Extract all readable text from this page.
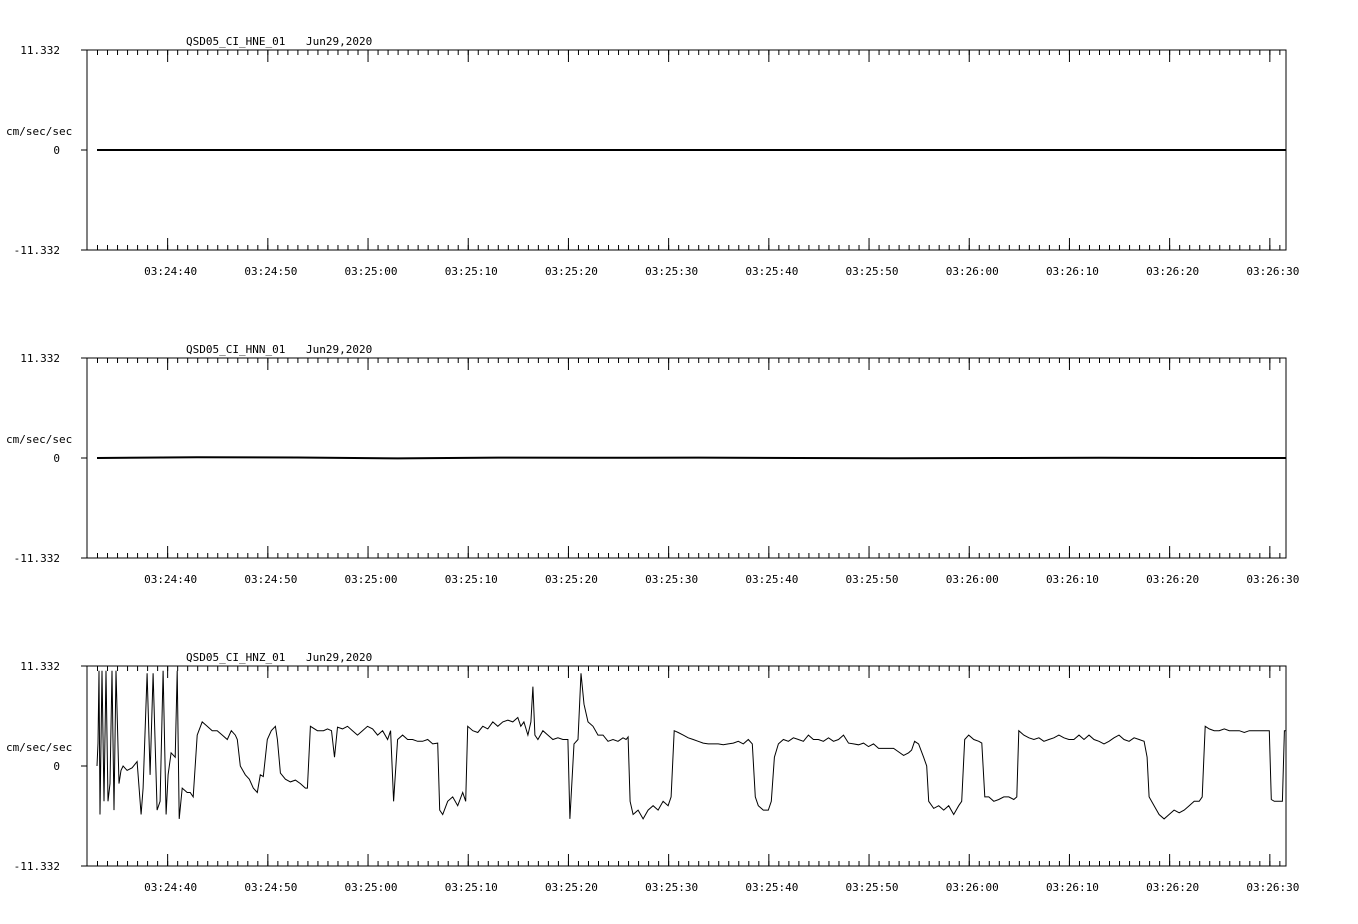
QSD05_CI_HNE_01 Jun29,2020
11.332
0
-11.332
cm/sec/sec
03:24:40	03:24:50	03:25:00	03:25:10	03:25:20	03:25:30	03:25:40	03:25:50	03:26:00	03:26:10	03:26:20	03:26:30
QSD05_CI_HNN_01 Jun29,2020
11.332
0
-11.332
cm/sec/sec
03:24:40	03:24:50	03:25:00	03:25:10	03:25:20	03:25:30	03:25:40	03:25:50	03:26:00	03:26:10	03:26:20	03:26:30
QSD05_CI_HNZ_01 Jun29,2020
11.332
0
-11.332
cm/sec/sec
03:24:40	03:24:50	03:25:00	03:25:10	03:25:20	03:25:30	03:25:40	03:25:50	03:26:00	03:26:10	03:26:20	03:26:30
